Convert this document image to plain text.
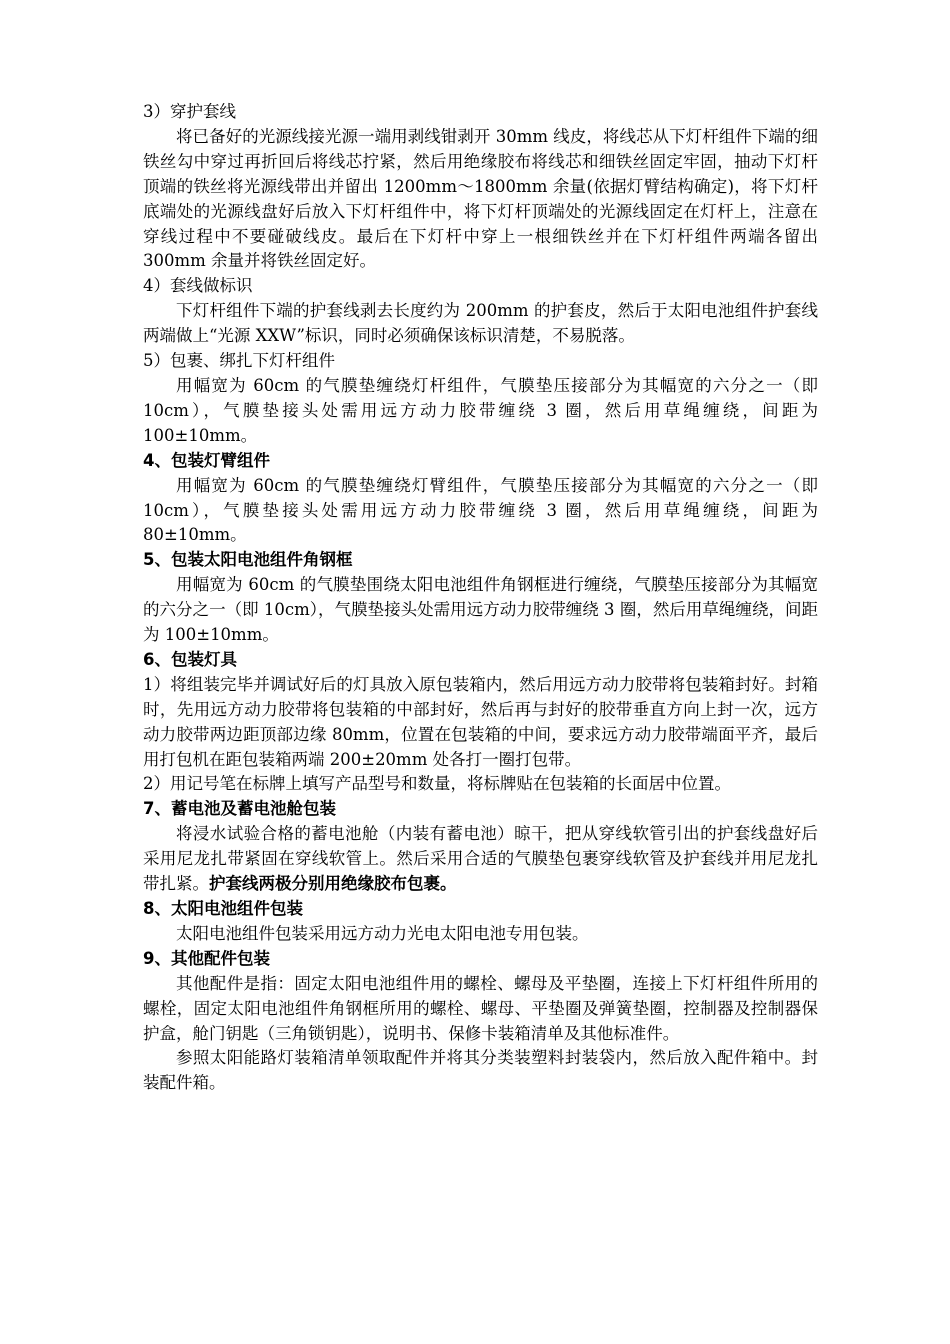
3）穿护套线

将已备好的光源线接光源一端用剥线钳剥开 30mm 线皮，将线芯从下灯杆组件下端的细铁丝勾中穿过再折回后将线芯拧紧，然后用绝缘胶布将线芯和细铁丝固定牢固，抽动下灯杆顶端的铁丝将光源线带出并留出 1200mm～1800mm 余量(依据灯臂结构确定)，将下灯杆底端处的光源线盘好后放入下灯杆组件中，将下灯杆顶端处的光源线固定在灯杆上，注意在穿线过程中不要碰破线皮。最后在下灯杆中穿上一根细铁丝并在下灯杆组件两端各留出 300mm 余量并将铁丝固定好。

4）套线做标识

下灯杆组件下端的护套线剥去长度约为 200mm 的护套皮，然后于太阳电池组件护套线两端做上“光源 XXW”标识，同时必须确保该标识清楚，不易脱落。

5）包裹、绑扎下灯杆组件

用幅宽为 60cm 的气膜垫缠绕灯杆组件，气膜垫压接部分为其幅宽的六分之一（即 10cm），气膜垫接头处需用远方动力胶带缠绕 3 圈，然后用草绳缠绕，间距为 100±10mm。

4、包装灯臂组件

用幅宽为 60cm 的气膜垫缠绕灯臂组件，气膜垫压接部分为其幅宽的六分之一（即 10cm），气膜垫接头处需用远方动力胶带缠绕 3 圈，然后用草绳缠绕，间距为 80±10mm。

5、包装太阳电池组件角钢框

用幅宽为 60cm 的气膜垫围绕太阳电池组件角钢框进行缠绕，气膜垫压接部分为其幅宽的六分之一（即 10cm），气膜垫接头处需用远方动力胶带缠绕 3 圈，然后用草绳缠绕，间距为 100±10mm。

6、包装灯具

1）将组装完毕并调试好后的灯具放入原包装箱内，然后用远方动力胶带将包装箱封好。封箱时，先用远方动力胶带将包装箱的中部封好，然后再与封好的胶带垂直方向上封一次，远方动力胶带两边距顶部边缘 80mm，位置在包装箱的中间，要求远方动力胶带端面平齐，最后用打包机在距包装箱两端 200±20mm 处各打一圈打包带。

2）用记号笔在标牌上填写产品型号和数量，将标牌贴在包装箱的长面居中位置。

7、蓄电池及蓄电池舱包装

将浸水试验合格的蓄电池舱（内装有蓄电池）晾干，把从穿线软管引出的护套线盘好后采用尼龙扎带紧固在穿线软管上。然后采用合适的气膜垫包裹穿线软管及护套线并用尼龙扎带扎紧。护套线两极分别用绝缘胶布包裹。

8、太阳电池组件包装

太阳电池组件包装采用远方动力光电太阳电池专用包装。

9、其他配件包装

其他配件是指：固定太阳电池组件用的螺栓、螺母及平垫圈，连接上下灯杆组件所用的螺栓，固定太阳电池组件角钢框所用的螺栓、螺母、平垫圈及弹簧垫圈，控制器及控制器保护盒，舱门钥匙（三角锁钥匙），说明书、保修卡装箱清单及其他标准件。

参照太阳能路灯装箱清单领取配件并将其分类装塑料封装袋内，然后放入配件箱中。封装配件箱。
